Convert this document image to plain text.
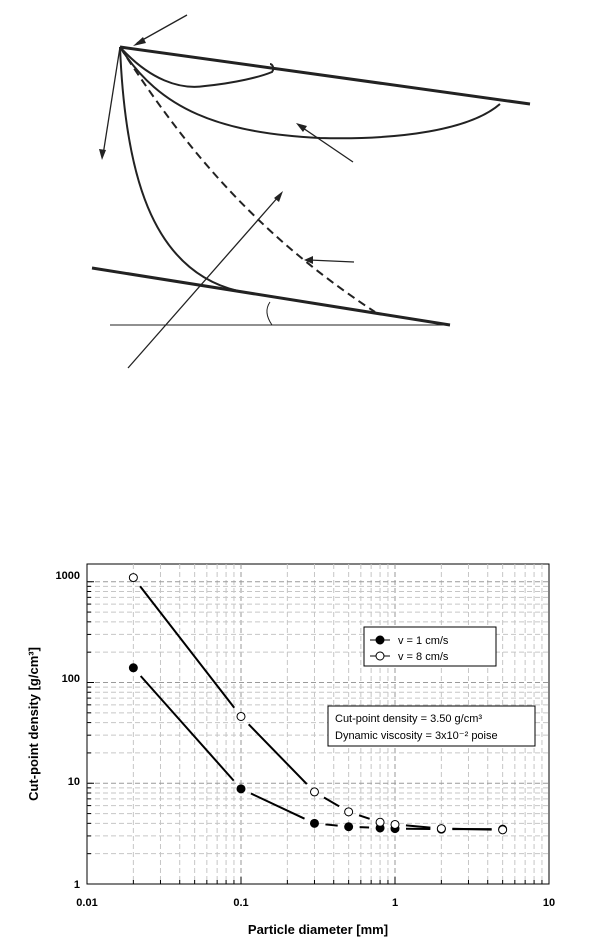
0.01	0.1	1	10
1
10
100
1000
Particle diameter [mm]
Cut-point density [g/cm³]
v = 1 cm/s
v = 8 cm/s
Cut-point density = 3.50 g/cm³
Dynamic viscosity = 3x10⁻² poise
